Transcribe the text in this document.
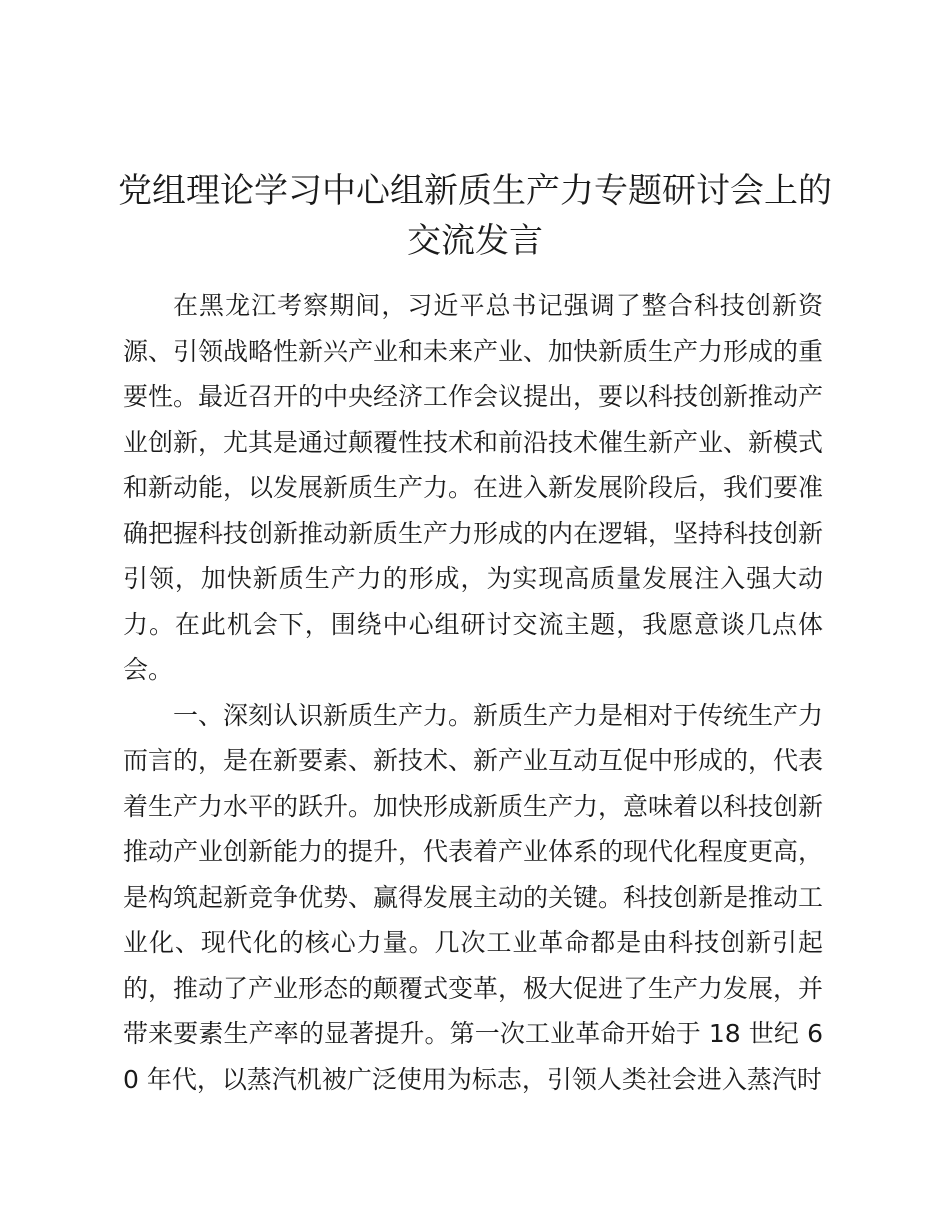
党组理论学习中心组新质生产力专题研讨会上的交流发言

在黑龙江考察期间，习近平总书记强调了整合科技创新资源、引领战略性新兴产业和未来产业、加快新质生产力形成的重要性。最近召开的中央经济工作会议提出，要以科技创新推动产业创新，尤其是通过颠覆性技术和前沿技术催生新产业、新模式和新动能，以发展新质生产力。在进入新发展阶段后，我们要准确把握科技创新推动新质生产力形成的内在逻辑，坚持科技创新引领，加快新质生产力的形成，为实现高质量发展注入强大动力。在此机会下，围绕中心组研讨交流主题，我愿意谈几点体会。

一、深刻认识新质生产力。新质生产力是相对于传统生产力而言的，是在新要素、新技术、新产业互动互促中形成的，代表着生产力水平的跃升。加快形成新质生产力，意味着以科技创新推动产业创新能力的提升，代表着产业体系的现代化程度更高，是构筑起新竞争优势、赢得发展主动的关键。科技创新是推动工业化、现代化的核心力量。几次工业革命都是由科技创新引起的，推动了产业形态的颠覆式变革，极大促进了生产力发展，并带来要素生产率的显著提升。第一次工业革命开始于 18 世纪 60 年代，以蒸汽机被广泛使用为标志，引领人类社会进入蒸汽时
